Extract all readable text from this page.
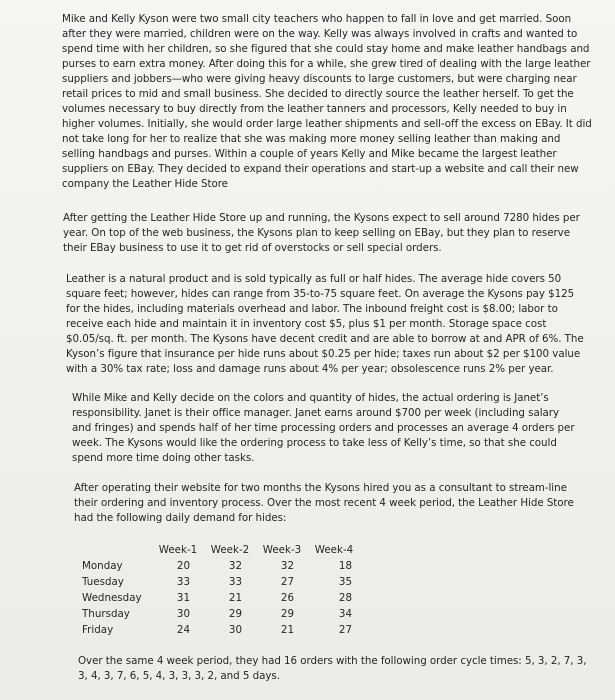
Mike and Kelly Kyson were two small city teachers who happen to fall in love and get married. Soon after they were married, children were on the way. Kelly was always involved in crafts and wanted to spend time with her children, so she figured that she could stay home and make leather handbags and purses to earn extra money. After doing this for a while, she grew tired of dealing with the large leather suppliers and jobbers—who were giving heavy discounts to large customers, but were charging near retail prices to mid and small business. She decided to directly source the leather herself. To get the volumes necessary to buy directly from the leather tanners and processors, Kelly needed to buy in higher volumes. Initially, she would order large leather shipments and sell-off the excess on EBay. It did not take long for her to realize that she was making more money selling leather than making and selling handbags and purses. Within a couple of years Kelly and Mike became the largest leather suppliers on EBay. They decided to expand their operations and start-up a website and call their new company the Leather Hide Store

After getting the Leather Hide Store up and running, the Kysons expect to sell around 7280 hides per year. On top of the web business, the Kysons plan to keep selling on EBay, but they plan to reserve their EBay business to use it to get rid of overstocks or sell special orders.

Leather is a natural product and is sold typically as full or half hides. The average hide covers 50 square feet; however, hides can range from 35-to-75 square feet. On average the Kysons pay $125 for the hides, including materials overhead and labor. The inbound freight cost is $8.00; labor to receive each hide and maintain it in inventory cost $5, plus $1 per month. Storage space cost $0.05/sq. ft. per month. The Kysons have decent credit and are able to borrow at and APR of 6%. The Kyson’s figure that insurance per hide runs about $0.25 per hide; taxes run about $2 per $100 value with a 30% tax rate; loss and damage runs about 4% per year; obsolescence runs 2% per year.

While Mike and Kelly decide on the colors and quantity of hides, the actual ordering is Janet’s responsibility. Janet is their office manager. Janet earns around $700 per week (including salary and fringes) and spends half of her time processing orders and processes an average 4 orders per week. The Kysons would like the ordering process to take less of Kelly’s time, so that she could spend more time doing other tasks.

After operating their website for two months the Kysons hired you as a consultant to stream-line their ordering and inventory process. Over the most recent 4 week period, the Leather Hide Store had the following daily demand for hides:

	Week-1	Week-2	Week-3	Week-4
Monday	20	32	32	18
Tuesday	33	33	27	35
Wednesday	31	21	26	28
Thursday	30	29	29	34
Friday	24	30	21	27

Over the same 4 week period, they had 16 orders with the following order cycle times: 5, 3, 2, 7, 3, 3, 4, 3, 7, 6, 5, 4, 3, 3, 3, 2, and 5 days.
